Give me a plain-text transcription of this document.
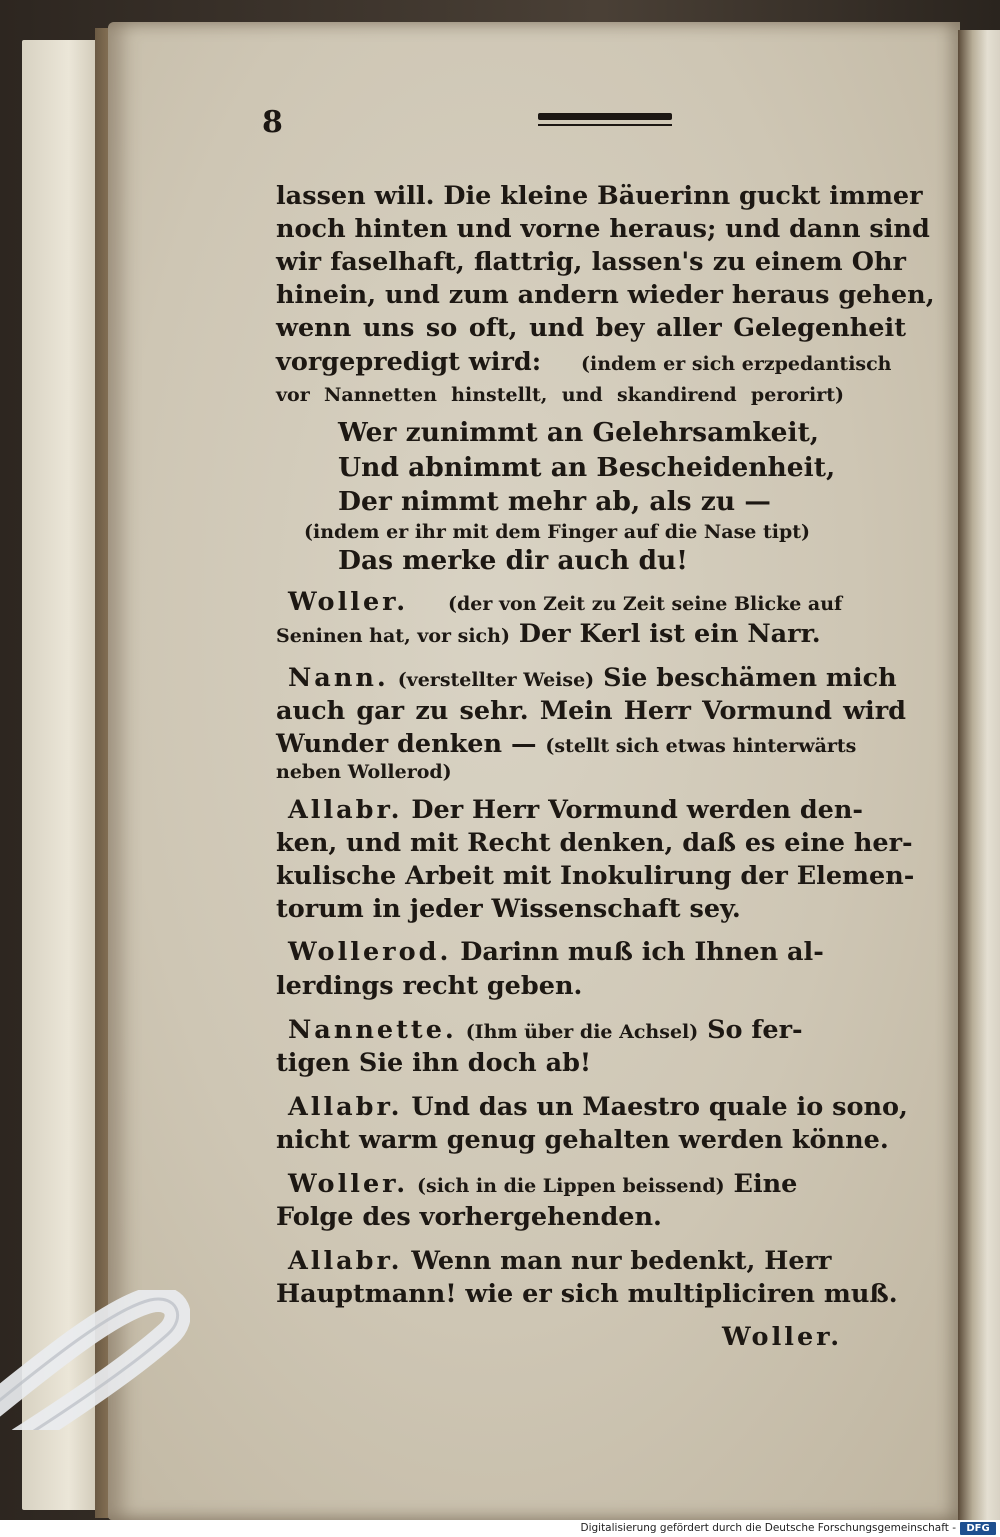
8
lassen will. Die kleine Bäuerinn guckt immer
noch hinten und vorne heraus; und dann sind
wir faselhaft, flattrig, lassen's zu einem Ohr
hinein, und zum andern wieder heraus gehen,
wenn uns so oft, und bey aller Gelegenheit
vorgepredigt wird: (indem er sich erzpedantisch
vor Nannetten hinstellt, und skandirend perorirt)
Wer zunimmt an Gelehrsamkeit,
Und abnimmt an Bescheidenheit,
Der nimmt mehr ab, als zu —
(indem er ihr mit dem Finger auf die Nase tipt)
Das merke dir auch du!
Woller. (der von Zeit zu Zeit seine Blicke auf
Seninen hat, vor sich) Der Kerl ist ein Narr.
Nann. (verstellter Weise) Sie beschämen mich
auch gar zu sehr. Mein Herr Vormund wird
Wunder denken — (stellt sich etwas hinterwärts
neben Wollerod)
Allabr. Der Herr Vormund werden den-
ken, und mit Recht denken, daß es eine her-
kulische Arbeit mit Inokulirung der Elemen-
torum in jeder Wissenschaft sey.
Wollerod. Darinn muß ich Ihnen al-
lerdings recht geben.
Nannette. (Ihm über die Achsel) So fer-
tigen Sie ihn doch ab!
Allabr. Und das un Maestro quale io sono,
nicht warm genug gehalten werden könne.
Woller. (sich in die Lippen beissend) Eine
Folge des vorhergehenden.
Allabr. Wenn man nur bedenkt, Herr
Hauptmann! wie er sich multipliciren muß.
Woller.
Digitalisierung gefördert durch die Deutsche Forschungsgemeinschaft -	DFG
